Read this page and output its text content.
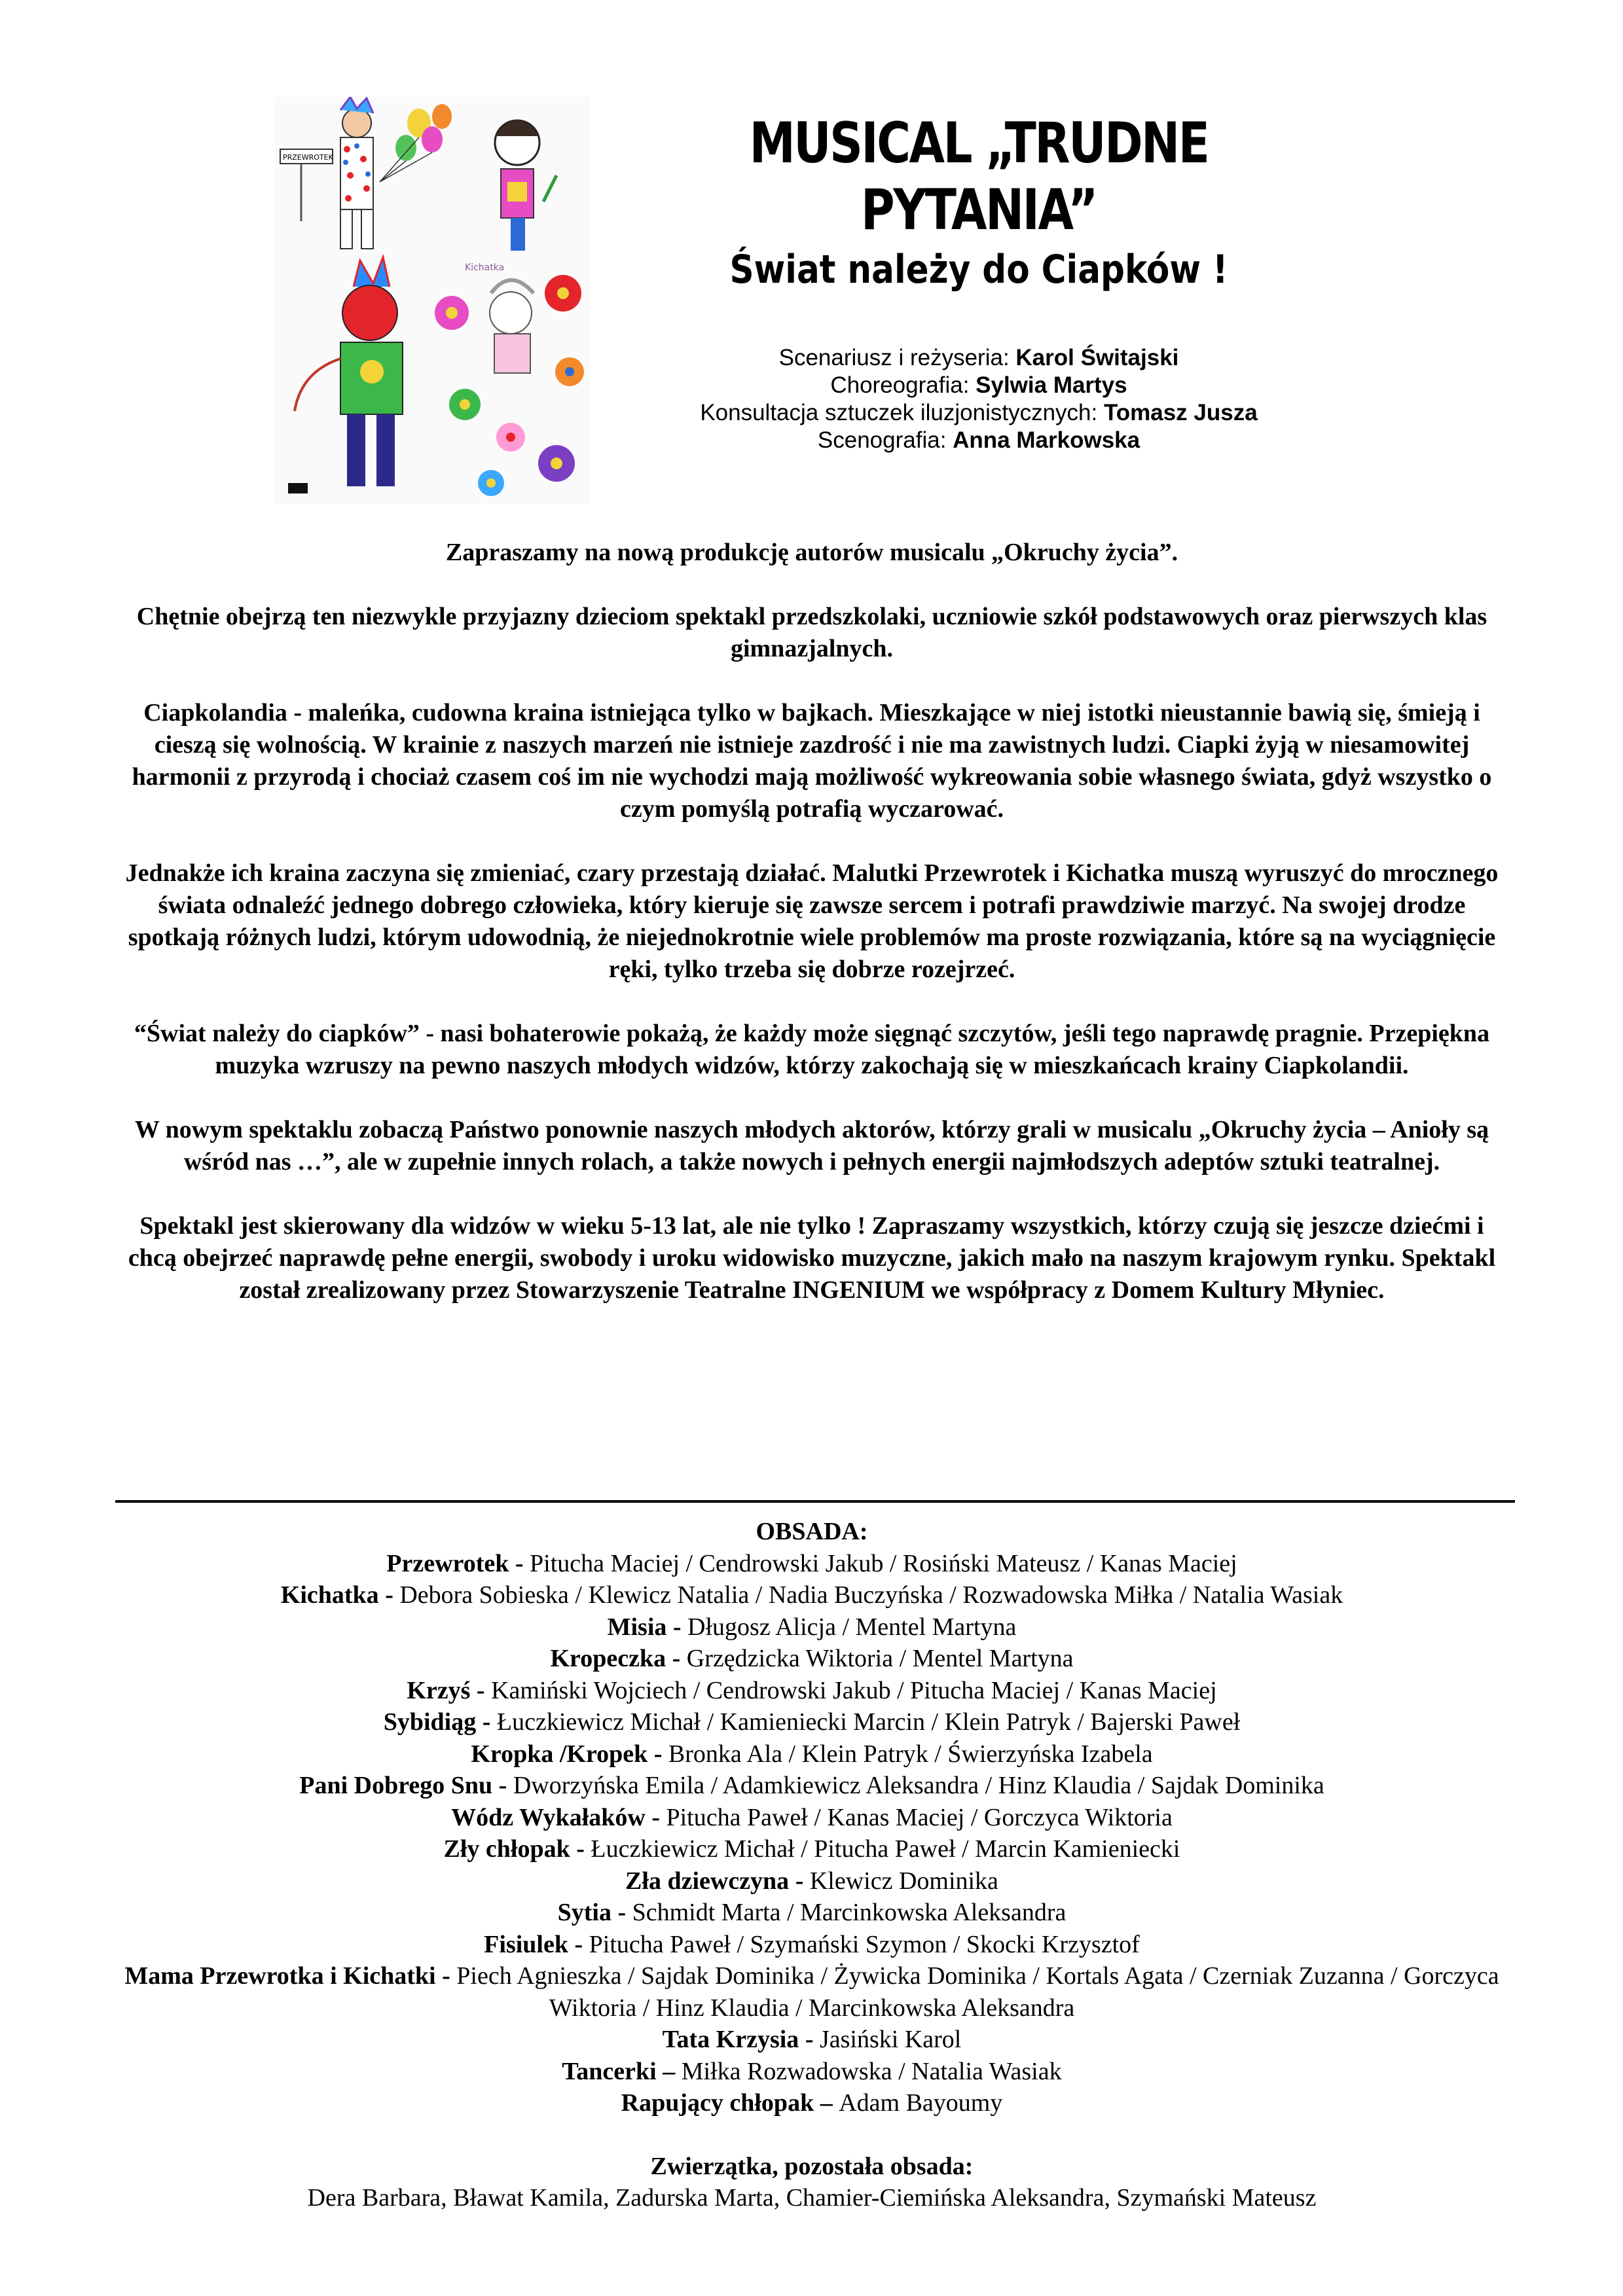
PRZEWROTEK
Kichatka
MUSICAL „TRUDNE PYTANIA”
Świat należy do Ciapków !
Scenariusz i reżyseria: Karol Świtajski
Choreografia: Sylwia Martys
Konsultacja sztuczek iluzjonistycznych: Tomasz Jusza
Scenografia: Anna Markowska

Zapraszamy na nową produkcję autorów musicalu „Okruchy życia”.

Chętnie obejrzą ten niezwykle przyjazny dzieciom spektakl przedszkolaki, uczniowie szkół podstawowych oraz pierwszych klas gimnazjalnych.

Ciapkolandia - maleńka, cudowna kraina istniejąca tylko w bajkach. Mieszkające w niej istotki nieustannie bawią się, śmieją i cieszą się wolnością. W krainie z naszych marzeń nie istnieje zazdrość i nie ma zawistnych ludzi. Ciapki żyją w niesamowitej harmonii z przyrodą i chociaż czasem coś im nie wychodzi mają możliwość wykreowania sobie własnego świata, gdyż wszystko o czym pomyślą potrafią wyczarować.

Jednakże ich kraina zaczyna się zmieniać, czary przestają działać. Malutki Przewrotek i Kichatka muszą wyruszyć do mrocznego świata odnaleźć jednego dobrego człowieka, który kieruje się zawsze sercem i potrafi prawdziwie marzyć. Na swojej drodze spotkają różnych ludzi, którym udowodnią, że niejednokrotnie wiele problemów ma proste rozwiązania, które są na wyciągnięcie ręki, tylko trzeba się dobrze rozejrzeć.

“Świat należy do ciapków” - nasi bohaterowie pokażą, że każdy może sięgnąć szczytów, jeśli tego naprawdę pragnie. Przepiękna muzyka wzruszy na pewno naszych młodych widzów, którzy zakochają się w mieszkańcach krainy Ciapkolandii.

W nowym spektaklu zobaczą Państwo ponownie naszych młodych aktorów, którzy grali w musicalu „Okruchy życia – Anioły są wśród nas …”, ale w zupełnie innych rolach, a także nowych i pełnych energii najmłodszych adeptów sztuki teatralnej.

Spektakl jest skierowany dla widzów w wieku 5-13 lat, ale nie tylko ! Zapraszamy wszystkich, którzy czują się jeszcze dziećmi i chcą obejrzeć naprawdę pełne energii, swobody i uroku widowisko muzyczne, jakich mało na naszym krajowym rynku. Spektakl został zrealizowany przez Stowarzyszenie Teatralne INGENIUM we współpracy z Domem Kultury Młyniec.

OBSADA:
Przewrotek - Pitucha Maciej / Cendrowski Jakub / Rosiński Mateusz / Kanas Maciej
Kichatka - Debora Sobieska / Klewicz Natalia / Nadia Buczyńska / Rozwadowska Miłka / Natalia Wasiak
Misia - Długosz Alicja / Mentel Martyna
Kropeczka - Grzędzicka Wiktoria / Mentel Martyna
Krzyś - Kamiński Wojciech / Cendrowski Jakub / Pitucha Maciej / Kanas Maciej
Sybidiąg - Łuczkiewicz Michał / Kamieniecki Marcin / Klein Patryk / Bajerski Paweł
Kropka /Kropek - Bronka Ala / Klein Patryk / Świerzyńska Izabela
Pani Dobrego Snu - Dworzyńska Emila / Adamkiewicz Aleksandra / Hinz Klaudia / Sajdak Dominika
Wódz Wykałaków - Pitucha Paweł / Kanas Maciej / Gorczyca Wiktoria
Zły chłopak - Łuczkiewicz Michał / Pitucha Paweł / Marcin Kamieniecki
Zła dziewczyna - Klewicz Dominika
Sytia - Schmidt Marta / Marcinkowska Aleksandra
Fisiulek - Pitucha Paweł / Szymański Szymon / Skocki Krzysztof
Mama Przewrotka i Kichatki - Piech Agnieszka / Sajdak Dominika / Żywicka Dominika / Kortals Agata / Czerniak Zuzanna / Gorczyca Wiktoria / Hinz Klaudia / Marcinkowska Aleksandra
Tata Krzysia - Jasiński Karol
Tancerki – Miłka Rozwadowska / Natalia Wasiak
Rapujący chłopak – Adam Bayoumy
Zwierzątka, pozostała obsada:
Dera Barbara, Bławat Kamila, Zadurska Marta, Chamier-Ciemińska Aleksandra, Szymański Mateusz
